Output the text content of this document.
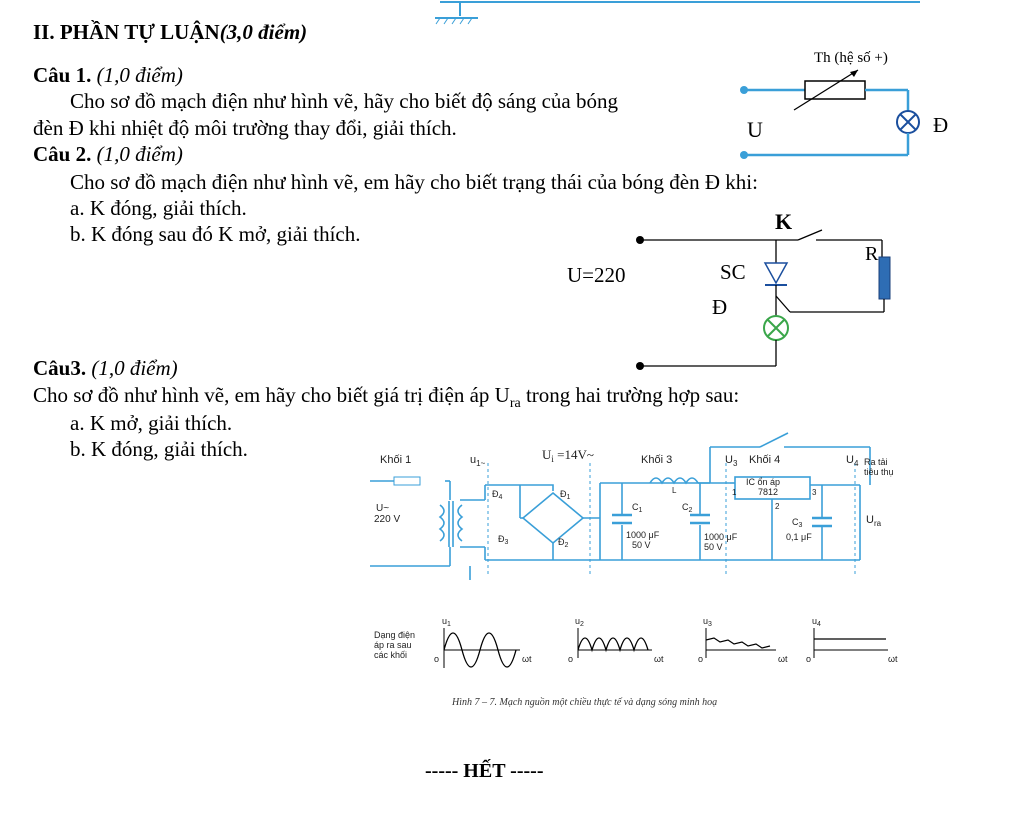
II. PHẦN TỰ LUẬN(3,0 điểm)
Câu 1. (1,0 điểm)
Cho sơ đồ mạch điện như hình vẽ, hãy cho biết độ sáng của bóng
đèn Đ khi nhiệt độ môi trường thay đổi, giải thích.
Câu 2. (1,0 điểm)
Cho sơ đồ mạch điện như hình vẽ, em hãy cho biết trạng thái của bóng đèn Đ khi:
a. K đóng, giải thích.
b. K đóng sau đó K mở, giải thích.
Câu3. (1,0 điểm)
Cho sơ đồ như hình vẽ, em hãy cho biết giá trị điện áp $U_{ra}$ trong hai trường hợp sau:
a. K mở, giải thích.
b. K đóng, giải thích.
Th (hệ số +)
U	Đ
K
R
SC
Đ
U=220
Khối 1	$u_{1\sim}$
$U_i$ =14V~	Khối 3	$U_3$ Khối 4	$U_4$ Ra tải
tiêu thụ
U~
220 V
$Đ_4$	$Đ_1$
$Đ_3$	$Đ_2$
$C_1$	$C_2$
$C_3$
L
1000 μF
50 V
1000 μF
50 V
0,1 μF
IC ổn áp
7812
1
2
3
$U_{ra}$
Dạng điện
áp ra sau
các khối
$u_1$	$u_2$	$u_3$	$u_4$
o	o	o	o
ωt	ωt	ωt	ωt
Hình 7 – 7. Mạch nguồn một chiều thực tế và dạng sóng minh hoạ
----- HẾT -----
